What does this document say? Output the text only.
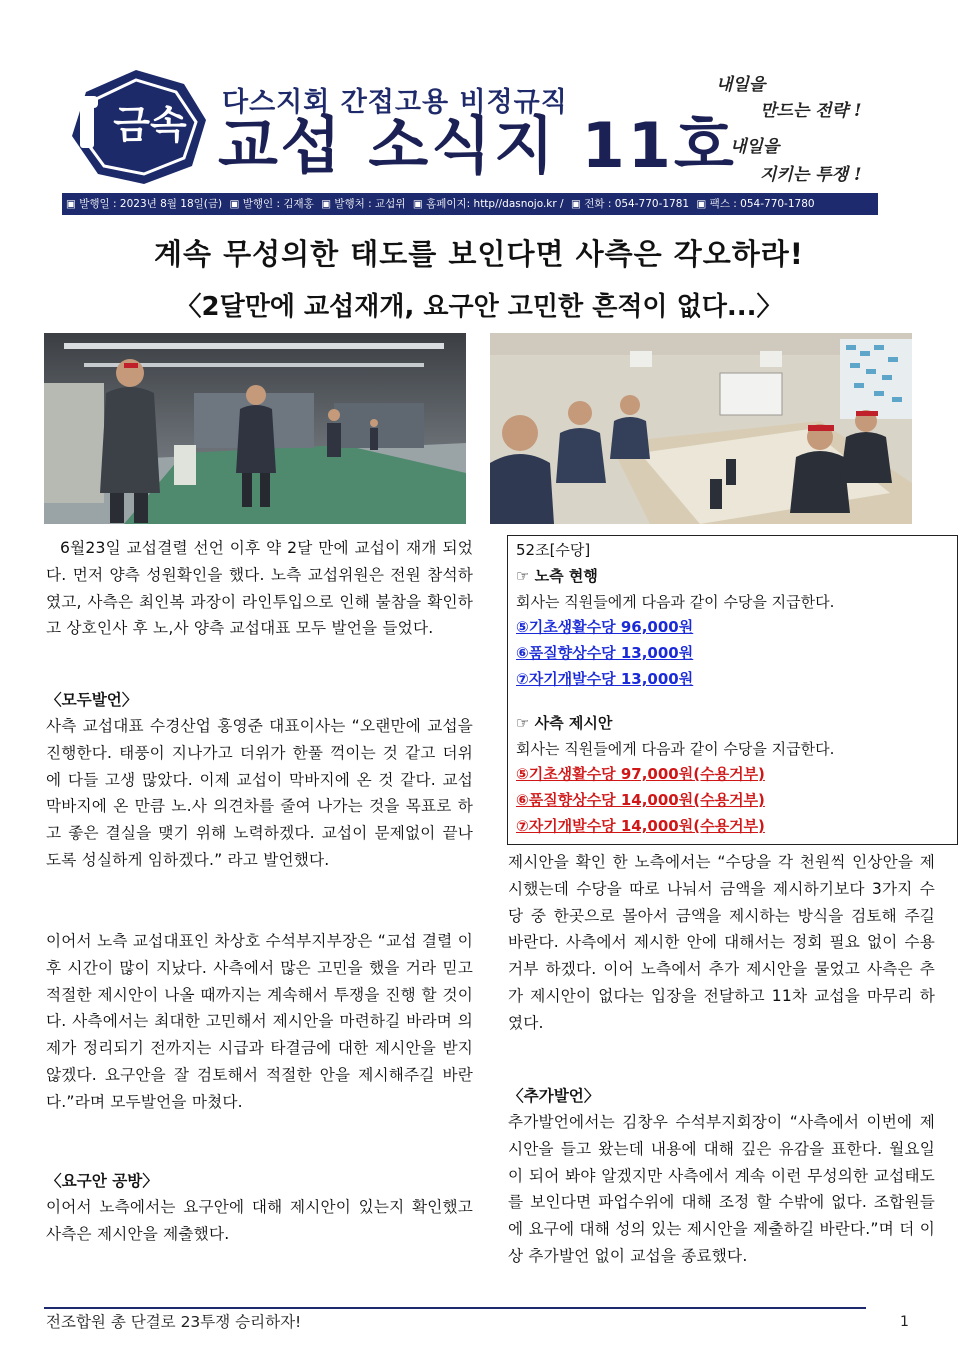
금속
다스지회 간접고용 비정규직
교섭 소식지 11호
내일을
만드는 전략 !
내일을
지키는 투쟁 !
▣ 발행일 : 2023년 8월 18일(금) ▣ 발행인 : 김재홍 ▣ 발행처 : 교섭위 ▣ 홈페이지: http//dasnojo.kr / ▣ 전화 : 054-770-1781 ▣ 팩스 : 054-770-1780
계속 무성의한 태도를 보인다면 사측은 각오하라!
〈2달만에 교섭재개, 요구안 고민한 흔적이 없다...〉
6월23일 교섭결렬 선언 이후 약 2달 만에 교섭이 재개 되었다. 먼저 양측 성원확인을 했다. 노측 교섭위원은 전원 참석하였고, 사측은 최인복 과장이 라인투입으로 인해 불참을 확인하고 상호인사 후 노,사 양측 교섭대표 모두 발언을 들었다.
〈모두발언〉
사측 교섭대표 수경산업 홍영준 대표이사는 “오랜만에 교섭을 진행한다. 태풍이 지나가고 더위가 한풀 꺽이는 것 같고 더위에 다들 고생 많았다. 이제 교섭이 막바지에 온 것 같다. 교섭 막바지에 온 만큼 노.사 의견차를 줄여 나가는 것을 목표로 하고 좋은 결실을 맺기 위해 노력하겠다. 교섭이 문제없이 끝나도록 성실하게 임하겠다.” 라고 발언했다.
이어서 노측 교섭대표인 차상호 수석부지부장은 “교섭 결렬 이 후 시간이 많이 지났다. 사측에서 많은 고민을 했을 거라 믿고 적절한 제시안이 나올 때까지는 계속해서 투쟁을 진행 할 것이다. 사측에서는 최대한 고민해서 제시안을 마련하길 바라며 의제가 정리되기 전까지는 시급과 타결금에 대한 제시안을 받지 않겠다. 요구안을 잘 검토해서 적절한 안을 제시해주길 바란다.”라며 모두발언을 마쳤다.
〈요구안 공방〉
이어서 노측에서는 요구안에 대해 제시안이 있는지 확인했고 사측은 제시안을 제출했다.
52조[수당]
☞ 노측 현행
회사는 직원들에게 다음과 같이 수당을 지급한다.
⑤기초생활수당 96,000원
⑥품질향상수당 13,000원
⑦자기개발수당 13,000원
☞ 사측 제시안
회사는 직원들에게 다음과 같이 수당을 지급한다.
⑤기초생활수당 97,000원(수용거부)
⑥품질향상수당 14,000원(수용거부)
⑦자기개발수당 14,000원(수용거부)
제시안을 확인 한 노측에서는 “수당을 각 천원씩 인상안을 제시했는데 수당을 따로 나눠서 금액을 제시하기보다 3가지 수당 중 한곳으로 몰아서 금액을 제시하는 방식을 검토해 주길 바란다. 사측에서 제시한 안에 대해서는 정회 필요 없이 수용거부 하겠다. 이어 노측에서 추가 제시안을 물었고 사측은 추가 제시안이 없다는 입장을 전달하고 11차 교섭을 마무리 하였다.
〈추가발언〉
추가발언에서는 김창우 수석부지회장이 “사측에서 이번에 제시안을 들고 왔는데 내용에 대해 깊은 유감을 표한다. 월요일이 되어 봐야 알겠지만 사측에서 계속 이런 무성의한 교섭태도를 보인다면 파업수위에 대해 조정 할 수밖에 없다. 조합원들에 요구에 대해 성의 있는 제시안을 제출하길 바란다.”며 더 이상 추가발언 없이 교섭을 종료했다.
전조합원 총 단결로 23투쟁 승리하자!	1
